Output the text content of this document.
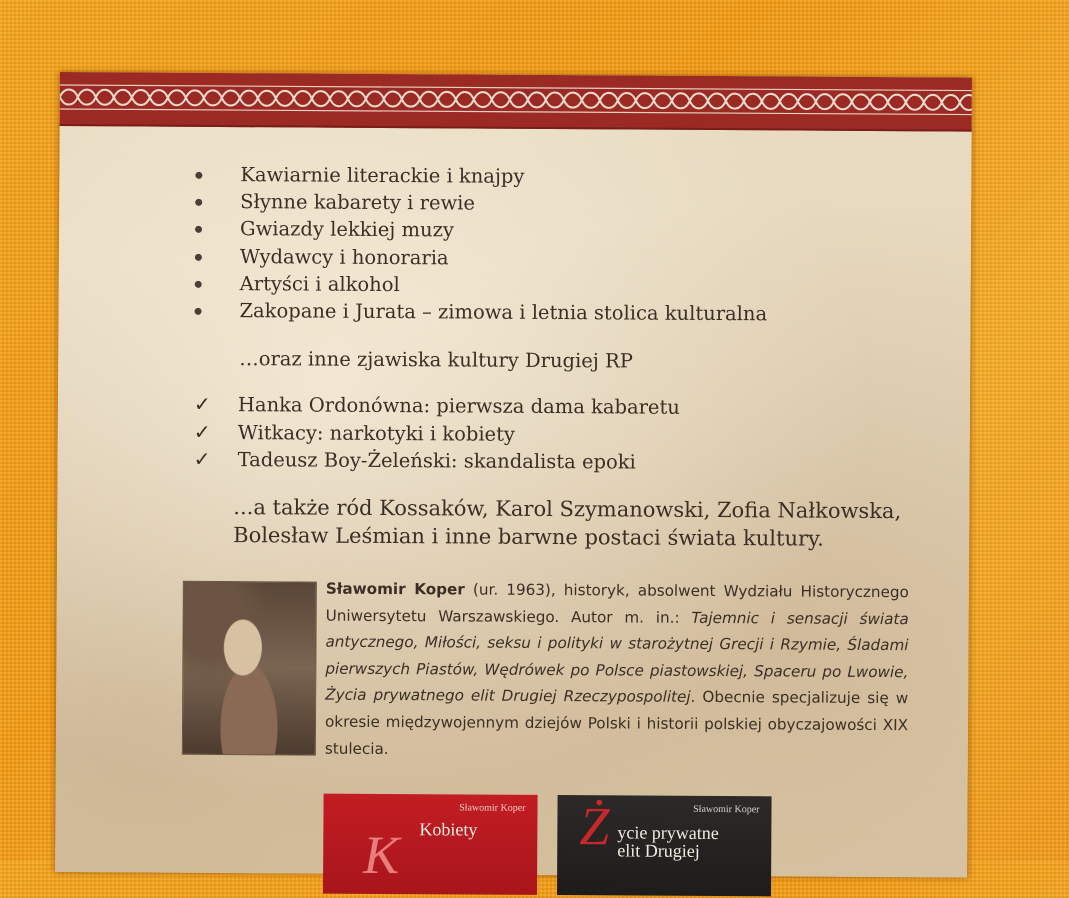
Kawiarnie literackie i knajpy
Słynne kabarety i rewie
Gwiazdy lekkiej muzy
Wydawcy i honoraria
Artyści i alkohol
Zakopane i Jurata – zimowa i letnia stolica kulturalna
…oraz inne zjawiska kultury Drugiej RP
✓ Hanka Ordonówna: pierwsza dama kabaretu
✓ Witkacy: narkotyki i kobiety
✓ Tadeusz Boy-Żeleński: skandalista epoki
...a także ród Kossaków, Karol Szymanowski, Zofia Nałkowska, Bolesław Leśmian i inne barwne postaci świata kultury.
Sławomir Koper (ur. 1963), historyk, absolwent Wydziału Historycznego Uniwersytetu Warszawskiego. Autor m. in.: Tajemnic i sensacji świata antycznego, Miłości, seksu i polityki w starożytnej Grecji i Rzymie, Śladami pierwszych Piastów, Wędrówek po Polsce piastowskiej, Spaceru po Lwowie, Życia prywatnego elit Drugiej Rzeczypospolitej. Obecnie specjalizuje się w okresie międzywojennym dziejów Polski i historii polskiej obyczajowości XIX stulecia.
Sławomir Koper
K Kobiety
Sławomir Koper
Ż ycie prywatne
elit Drugiej
